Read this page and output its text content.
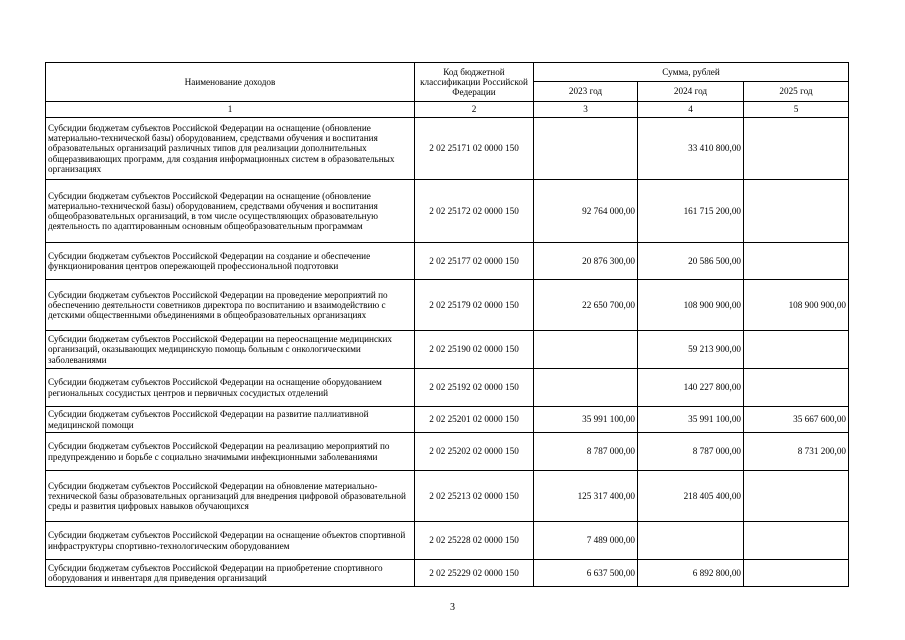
Наименование доходов	Код бюджетной классификации Российской Федерации	Сумма, рублей		
		2023 год	2024 год	2025 год
1	2	3	4	5
Субсидии бюджетам субъектов Российской Федерации на оснащение (обновление материально-технической базы) оборудованием, средствами обучения и воспитания образовательных организаций различных типов для реализации дополнительных общеразвивающих программ, для создания информационных систем в образовательных организациях	2 02 25171 02 0000 150		33 410 800,00	
Субсидии бюджетам субъектов Российской Федерации на оснащение (обновление материально-технической базы) оборудованием, средствами обучения и воспитания общеобразовательных организаций, в том числе осуществляющих образовательную деятельность по адаптированным основным общеобразовательным программам	2 02 25172 02 0000 150	92 764 000,00	161 715 200,00	
Субсидии бюджетам субъектов Российской Федерации на создание и обеспечение функционирования центров опережающей профессиональной подготовки	2 02 25177 02 0000 150	20 876 300,00	20 586 500,00	
Субсидии бюджетам субъектов Российской Федерации на проведение мероприятий по обеспечению деятельности советников директора по воспитанию и взаимодействию с детскими общественными объединениями в общеобразовательных организациях	2 02 25179 02 0000 150	22 650 700,00	108 900 900,00	108 900 900,00
Субсидии бюджетам субъектов Российской Федерации на переоснащение медицинских организаций, оказывающих медицинскую помощь больным с онкологическими заболеваниями	2 02 25190 02 0000 150		59 213 900,00	
Субсидии бюджетам субъектов Российской Федерации на оснащение оборудованием региональных сосудистых центров и первичных сосудистых отделений	2 02 25192 02 0000 150		140 227 800,00	
Субсидии бюджетам субъектов Российской Федерации на развитие паллиативной медицинской помощи	2 02 25201 02 0000 150	35 991 100,00	35 991 100,00	35 667 600,00
Субсидии бюджетам субъектов Российской Федерации на реализацию мероприятий по предупреждению и борьбе с социально значимыми инфекционными заболеваниями	2 02 25202 02 0000 150	8 787 000,00	8 787 000,00	8 731 200,00
Субсидии бюджетам субъектов Российской Федерации на обновление материально-технической базы образовательных организаций для внедрения цифровой образовательной среды и развития цифровых навыков обучающихся	2 02 25213 02 0000 150	125 317 400,00	218 405 400,00	
Субсидии бюджетам субъектов Российской Федерации на оснащение объектов спортивной инфраструктуры спортивно-технологическим оборудованием	2 02 25228 02 0000 150	7 489 000,00		
Субсидии бюджетам субъектов Российской Федерации на приобретение спортивного оборудования и инвентаря для приведения организаций	2 02 25229 02 0000 150	6 637 500,00	6 892 800,00	
3
